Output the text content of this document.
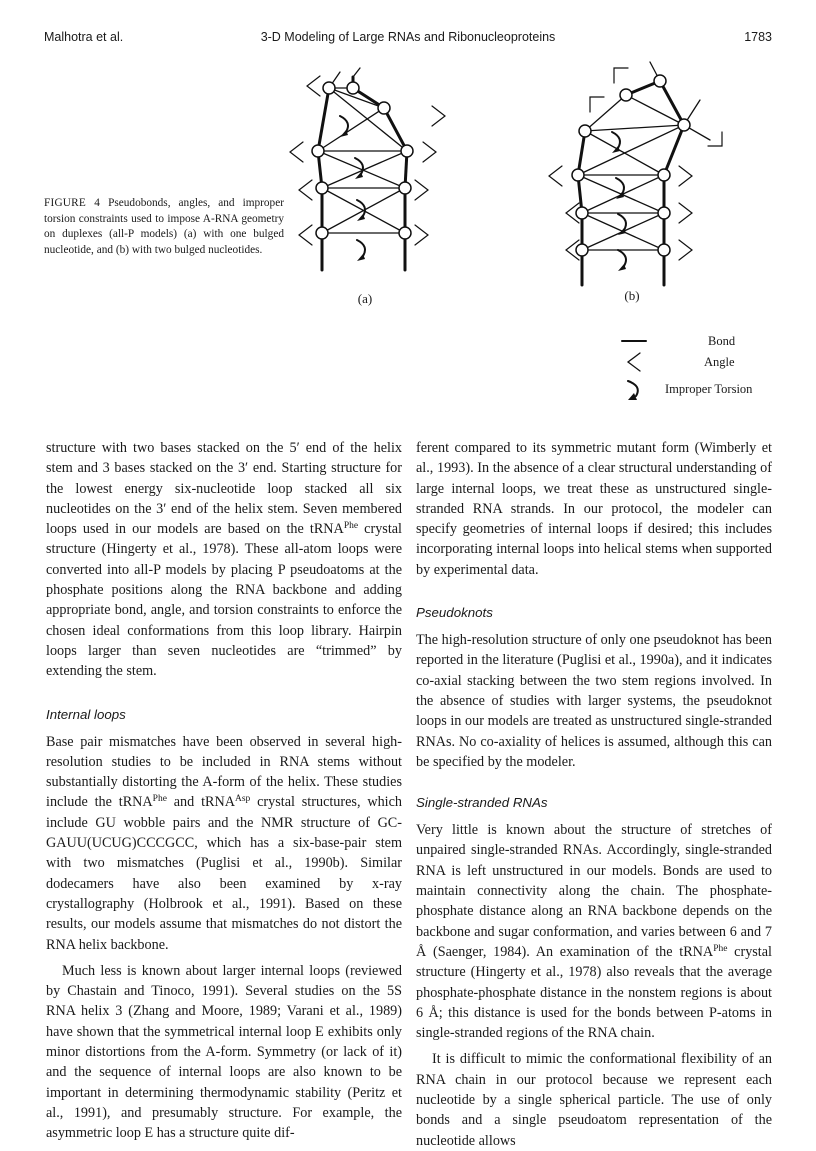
Malhotra et al.	3-D Modeling of Large RNAs and Ribonucleoproteins	1783
(a)	(b)
Bond
Angle
Improper Torsion
FIGURE 4 Pseudobonds, angles, and improper torsion constraints used to impose A-RNA geometry on duplexes (all-P models) (a) with one bulged nucleotide, and (b) with two bulged nucleotides.

structure with two bases stacked on the 5′ end of the helix stem and 3 bases stacked on the 3′ end. Starting structure for the lowest energy six-nucleotide loop stacked all six nucleotides on the 3′ end of the helix stem. Seven membered loops used in our models are based on the tRNA$^{Phe}$ crystal structure (Hingerty et al., 1978). These all-atom loops were converted into all-P models by placing P pseudoatoms at the phosphate positions along the RNA backbone and adding appropriate bond, angle, and torsion constraints to enforce the chosen ideal conformations from this loop library. Hairpin loops larger than seven nucleotides are “trimmed” by extending the stem.

Internal loops

Base pair mismatches have been observed in several high-resolution studies to be included in RNA stems without substantially distorting the A-form of the helix. These studies include the tRNA$^{Phe}$ and tRNA$^{Asp}$ crystal structures, which include GU wobble pairs and the NMR structure of GC-GAUU(UCUG)CCCGCC, which has a six-base-pair stem with two mismatches (Puglisi et al., 1990b). Similar dodecamers have also been examined by x-ray crystallography (Holbrook et al., 1991). Based on these results, our models assume that mismatches do not distort the RNA helix backbone.

Much less is known about larger internal loops (reviewed by Chastain and Tinoco, 1991). Several studies on the 5S RNA helix 3 (Zhang and Moore, 1989; Varani et al., 1989) have shown that the symmetrical internal loop E exhibits only minor distortions from the A-form. Symmetry (or lack of it) and the sequence of internal loops are also known to be important in determining thermodynamic stability (Peritz et al., 1991), and presumably structure. For example, the asymmetric loop E has a structure quite dif-

ferent compared to its symmetric mutant form (Wimberly et al., 1993). In the absence of a clear structural understanding of large internal loops, we treat these as unstructured single-stranded RNA strands. In our protocol, the modeler can specify geometries of internal loops if desired; this includes incorporating internal loops into helical stems when supported by experimental data.

Pseudoknots

The high-resolution structure of only one pseudoknot has been reported in the literature (Puglisi et al., 1990a), and it indicates co-axial stacking between the two stem regions involved. In the absence of studies with larger systems, the pseudoknot loops in our models are treated as unstructured single-stranded RNAs. No co-axiality of helices is assumed, although this can be specified by the modeler.

Single-stranded RNAs

Very little is known about the structure of stretches of unpaired single-stranded RNAs. Accordingly, single-stranded RNA is left unstructured in our models. Bonds are used to maintain connectivity along the chain. The phosphate-phosphate distance along an RNA backbone depends on the backbone and sugar conformation, and varies between 6 and 7 Å (Saenger, 1984). An examination of the tRNA$^{Phe}$ crystal structure (Hingerty et al., 1978) also reveals that the average phosphate-phosphate distance in the nonstem regions is about 6 Å; this distance is used for the bonds between P-atoms in single-stranded regions of the RNA chain.

It is difficult to mimic the conformational flexibility of an RNA chain in our protocol because we represent each nucleotide by a single spherical particle. The use of only bonds and a single pseudoatom representation of the nucleotide allows
